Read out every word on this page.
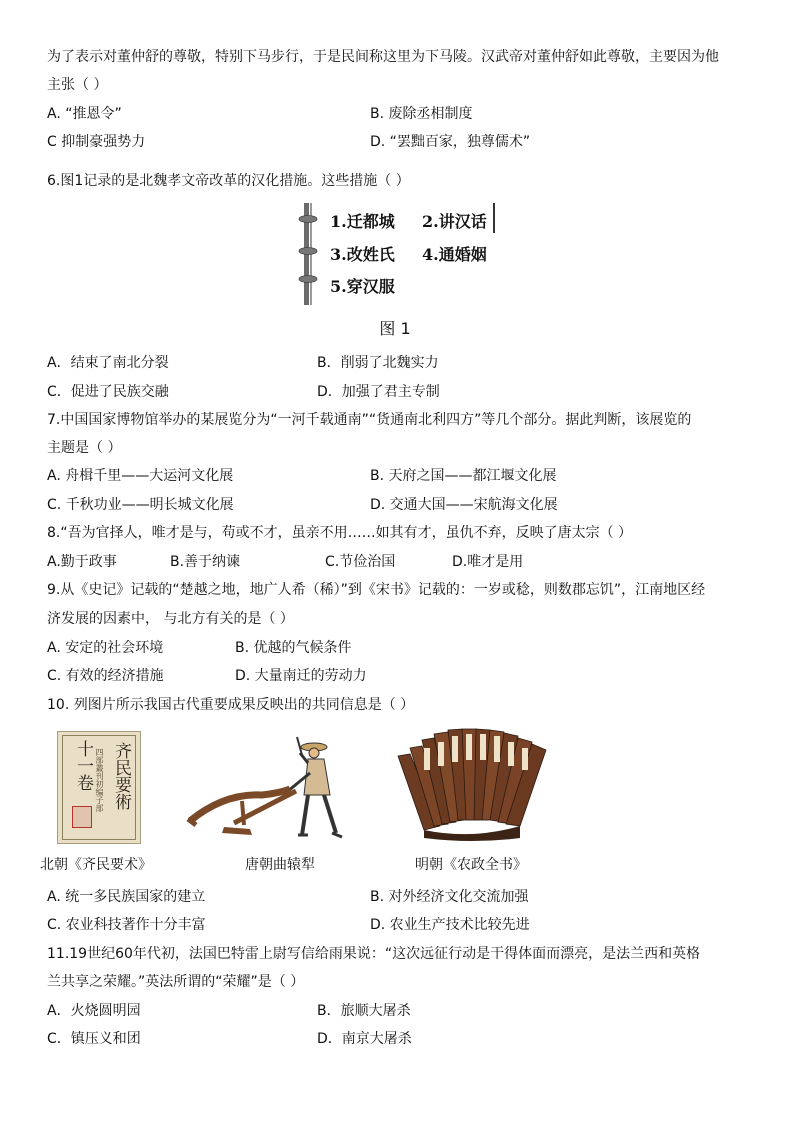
为了表示对董仲舒的尊敬，特别下马步行，于是民间称这里为下马陵。汉武帝对董仲舒如此尊敬，主要因为他
主张（ ）
A. “推恩令”	B. 废除丞相制度
C 抑制豪强势力	D. “罢黜百家，独尊儒术”
6.图1记录的是北魏孝文帝改革的汉化措施。这些措施（ ）
1.迁都城 2.讲汉话
3.改姓氏 4.通婚姻
5.穿汉服
图 1
A．结束了南北分裂	B．削弱了北魏实力
C．促进了民族交融	D．加强了君主专制
7.中国国家博物馆举办的某展览分为“一河千载通南”“货通南北利四方”等几个部分。据此判断，该展览的
主题是（ ）
A. 舟楫千里——大运河文化展	B. 天府之国——都江堰文化展
C. 千秋功业——明长城文化展	D. 交通大国——宋航海文化展
8.“吾为官择人，唯才是与，苟或不才，虽亲不用……如其有才，虽仇不弃，反映了唐太宗（ ）
A.勤于政事	B.善于纳谏	C.节俭治国	D.唯才是用
9.从《史记》记载的“楚越之地，地广人希（稀）”到《宋书》记载的：一岁或稔，则数郡忘饥”，江南地区经
济发展的因素中， 与北方有关的是（ ）
A. 安定的社会环境	B. 优越的气候条件
C. 有效的经济措施	D. 大量南迁的劳动力
10. 列图片所示我国古代重要成果反映出的共同信息是（ ）
齐民要術
十一卷 四部叢刊初编子部
北朝《齐民要术》	唐朝曲辕犁	明朝《农政全书》
A. 统一多民族国家的建立	B. 对外经济文化交流加强
C. 农业科技著作十分丰富	D. 农业生产技术比较先进
11.19世纪60年代初，法国巴特雷上尉写信给雨果说：“这次远征行动是干得体面而漂亮，是法兰西和英格
兰共享之荣耀。”英法所谓的“荣耀”是（ ）
A．火烧圆明园	B．旅顺大屠杀
C．镇压义和团	D．南京大屠杀
